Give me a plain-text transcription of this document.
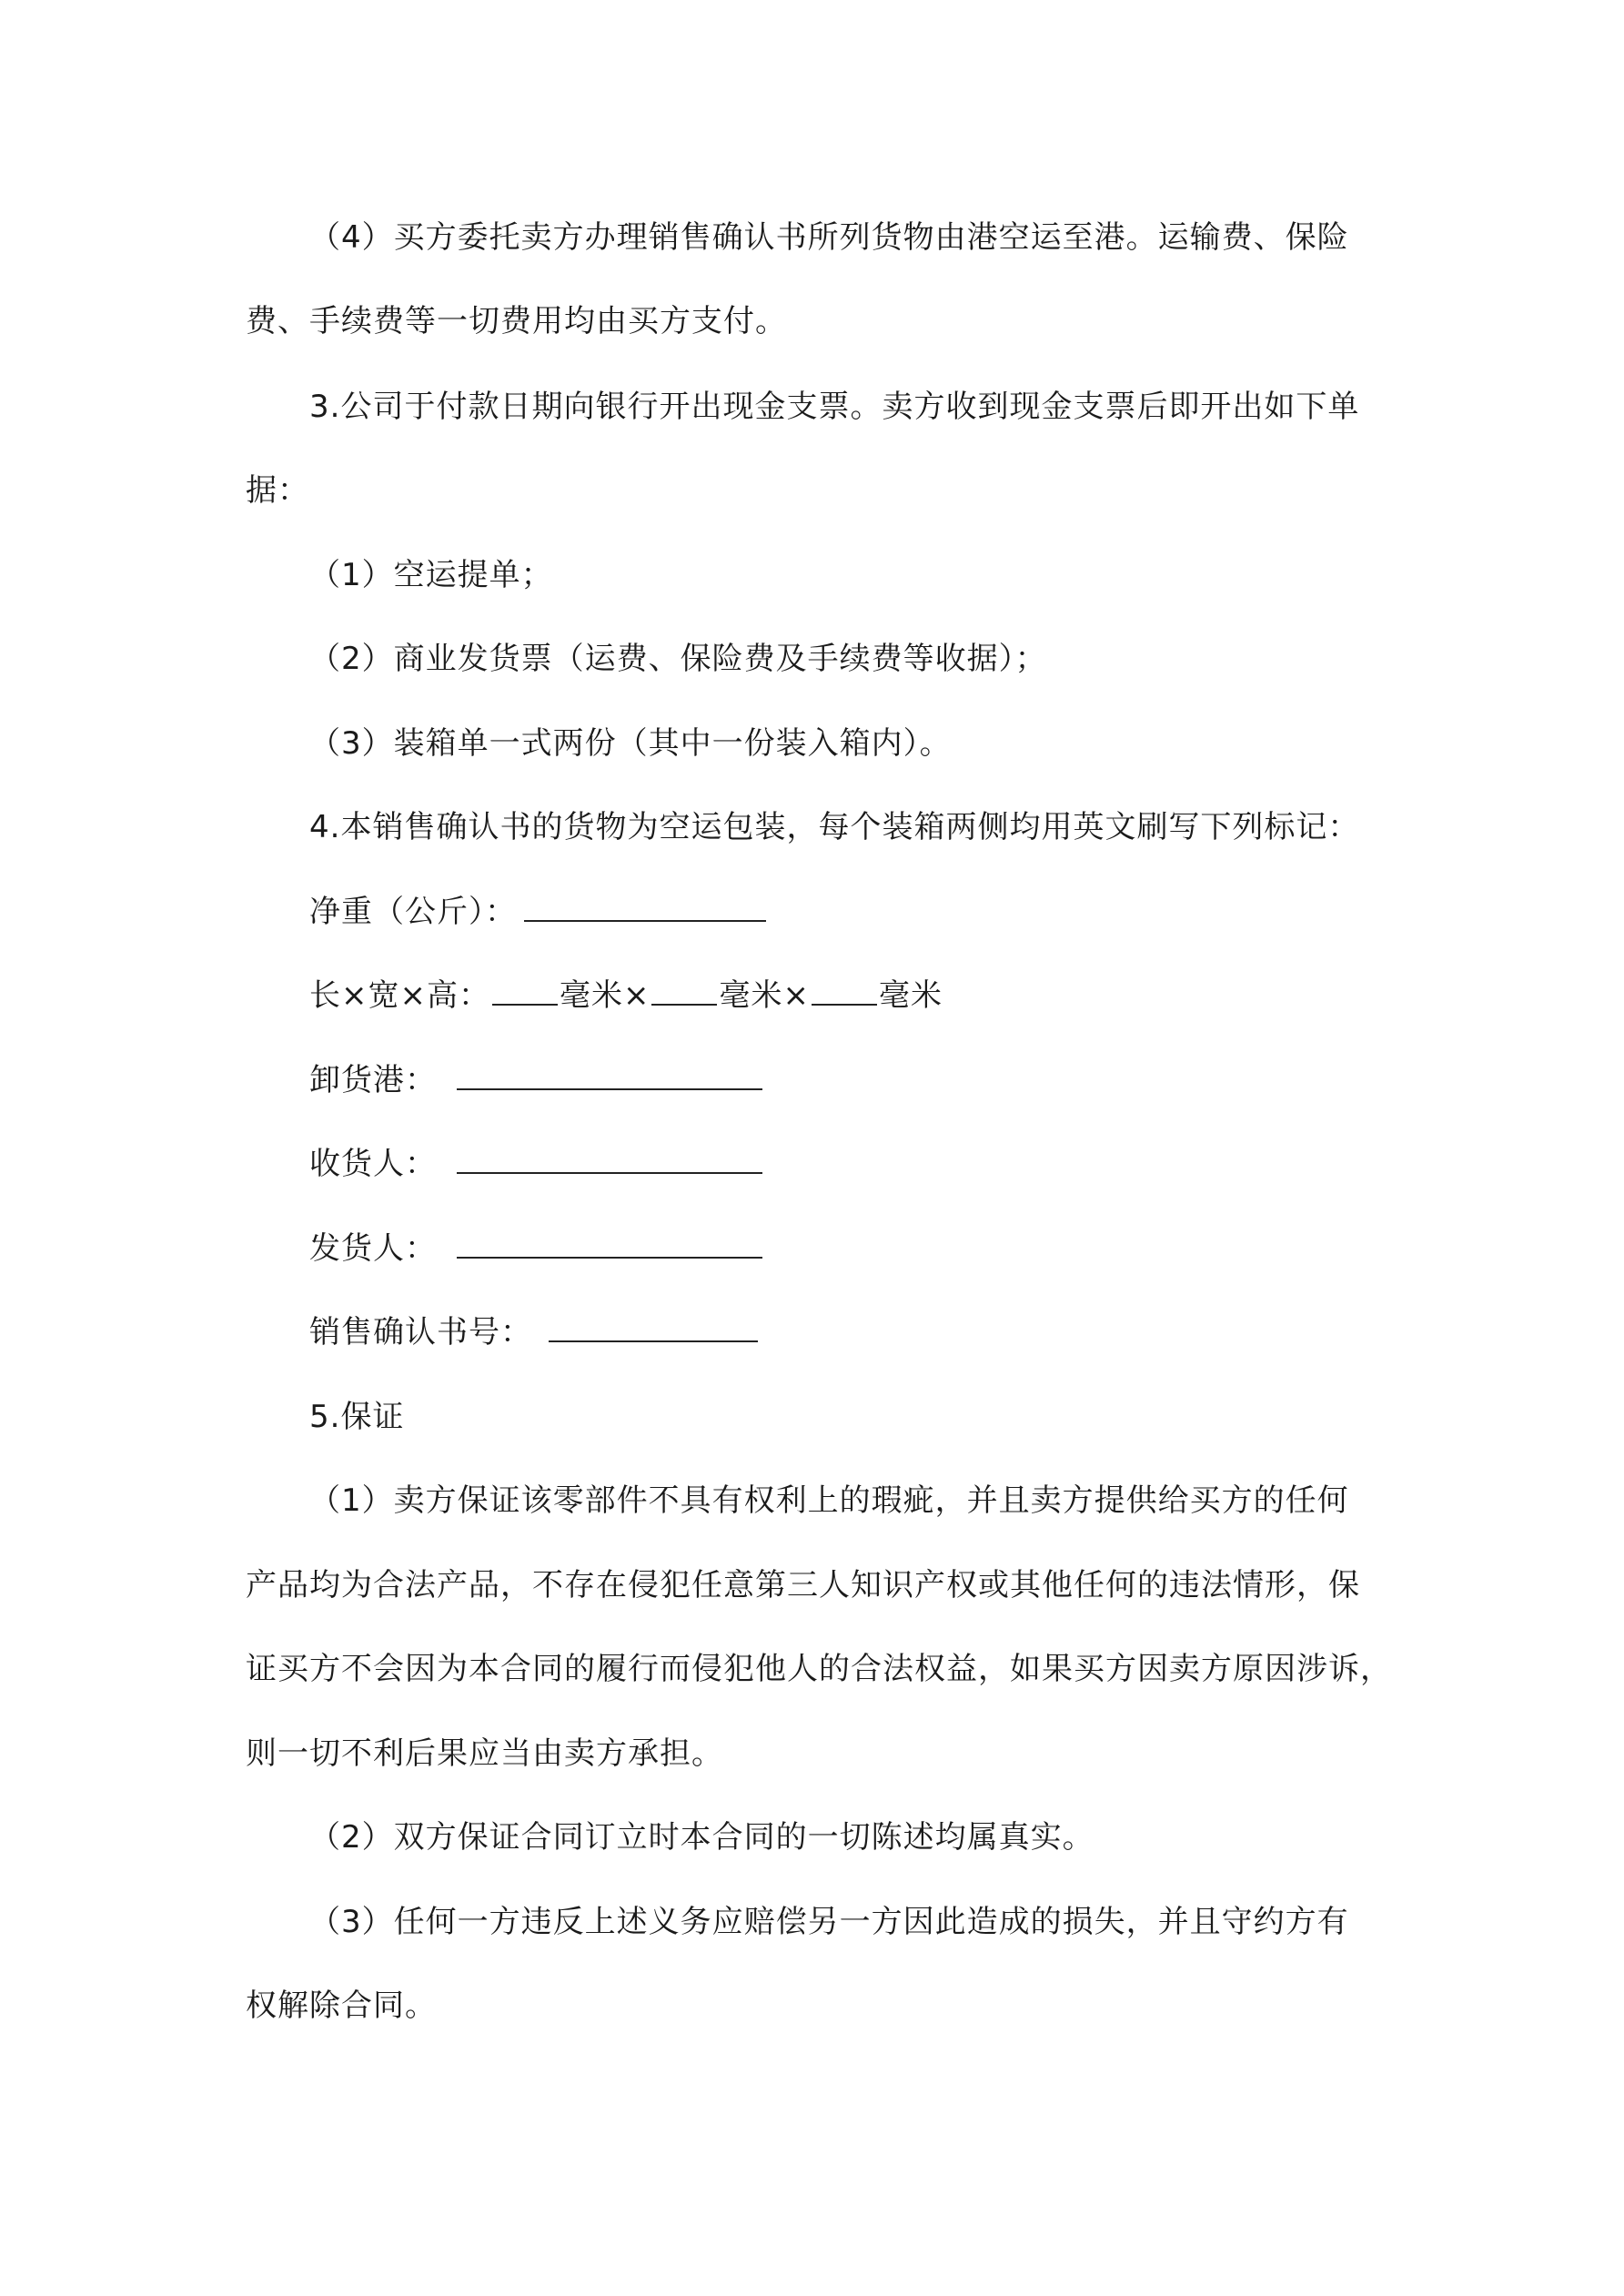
（4）买方委托卖方办理销售确认书所列货物由港空运至港。运输费、保险
费、手续费等一切费用均由买方支付。
3.公司于付款日期向银行开出现金支票。卖方收到现金支票后即开出如下单
据：
（1）空运提单；
（2）商业发货票（运费、保险费及手续费等收据）；
（3）装箱单一式两份（其中一份装入箱内）。
4.本销售确认书的货物为空运包装，每个装箱两侧均用英文刷写下列标记：
净重（公斤）：
长×宽×高： 毫米× 毫米× 毫米
卸货港：
收货人：
发货人：
销售确认书号：
5.保证
（1）卖方保证该零部件不具有权利上的瑕疵，并且卖方提供给买方的任何
产品均为合法产品，不存在侵犯任意第三人知识产权或其他任何的违法情形，保
证买方不会因为本合同的履行而侵犯他人的合法权益，如果买方因卖方原因涉诉，
则一切不利后果应当由卖方承担。
（2）双方保证合同订立时本合同的一切陈述均属真实。
（3）任何一方违反上述义务应赔偿另一方因此造成的损失，并且守约方有
权解除合同。
